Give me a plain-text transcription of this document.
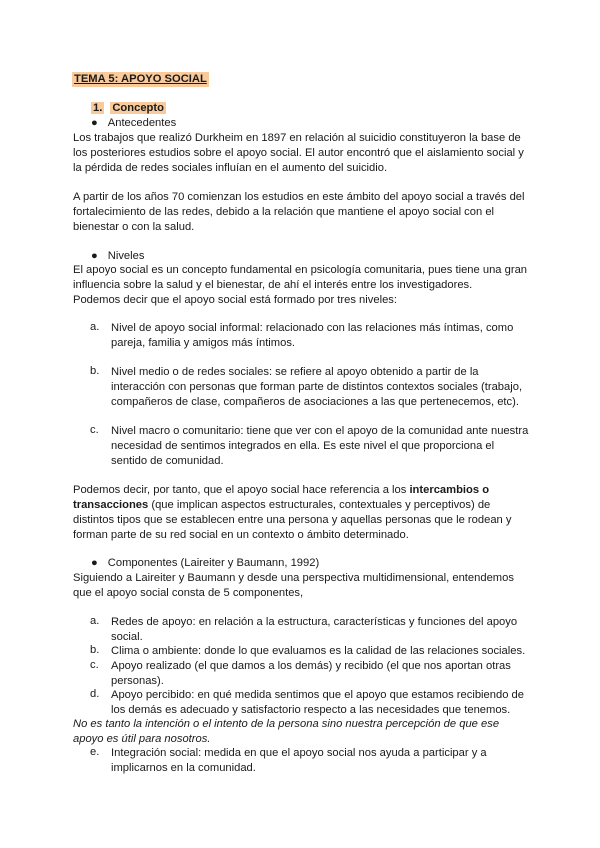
TEMA 5: APOYO SOCIAL
1. Concepto
● Antecedentes
Los trabajos que realizó Durkheim en 1897 en relación al suicidio constituyeron la base de
los posteriores estudios sobre el apoyo social. El autor encontró que el aislamiento social y
la pérdida de redes sociales influían en el aumento del suicidio.
A partir de los años 70 comienzan los estudios en este ámbito del apoyo social a través del
fortalecimiento de las redes, debido a la relación que mantiene el apoyo social con el
bienestar o con la salud.
● Niveles
El apoyo social es un concepto fundamental en psicología comunitaria, pues tiene una gran
influencia sobre la salud y el bienestar, de ahí el interés entre los investigadores.
Podemos decir que el apoyo social está formado por tres niveles:
a. Nivel de apoyo social informal: relacionado con las relaciones más íntimas, como
pareja, familia y amigos más íntimos.
b. Nivel medio o de redes sociales: se refiere al apoyo obtenido a partir de la
interacción con personas que forman parte de distintos contextos sociales (trabajo,
compañeros de clase, compañeros de asociaciones a las que pertenecemos, etc).
c. Nivel macro o comunitario: tiene que ver con el apoyo de la comunidad ante nuestra
necesidad de sentimos integrados en ella. Es este nivel el que proporciona el
sentido de comunidad.
Podemos decir, por tanto, que el apoyo social hace referencia a los intercambios o
transacciones (que implican aspectos estructurales, contextuales y perceptivos) de
distintos tipos que se establecen entre una persona y aquellas personas que le rodean y
forman parte de su red social en un contexto o ámbito determinado.
● Componentes (Laireiter y Baumann, 1992)
Siguiendo a Laireiter y Baumann y desde una perspectiva multidimensional, entendemos
que el apoyo social consta de 5 componentes,
a. Redes de apoyo: en relación a la estructura, características y funciones del apoyo
social.
b. Clima o ambiente: donde lo que evaluamos es la calidad de las relaciones sociales.
c. Apoyo realizado (el que damos a los demás) y recibido (el que nos aportan otras
personas).
d. Apoyo percibido: en qué medida sentimos que el apoyo que estamos recibiendo de
los demás es adecuado y satisfactorio respecto a las necesidades que tenemos.
No es tanto la intención o el intento de la persona sino nuestra percepción de que ese
apoyo es útil para nosotros.
e. Integración social: medida en que el apoyo social nos ayuda a participar y a
implicarnos en la comunidad.
